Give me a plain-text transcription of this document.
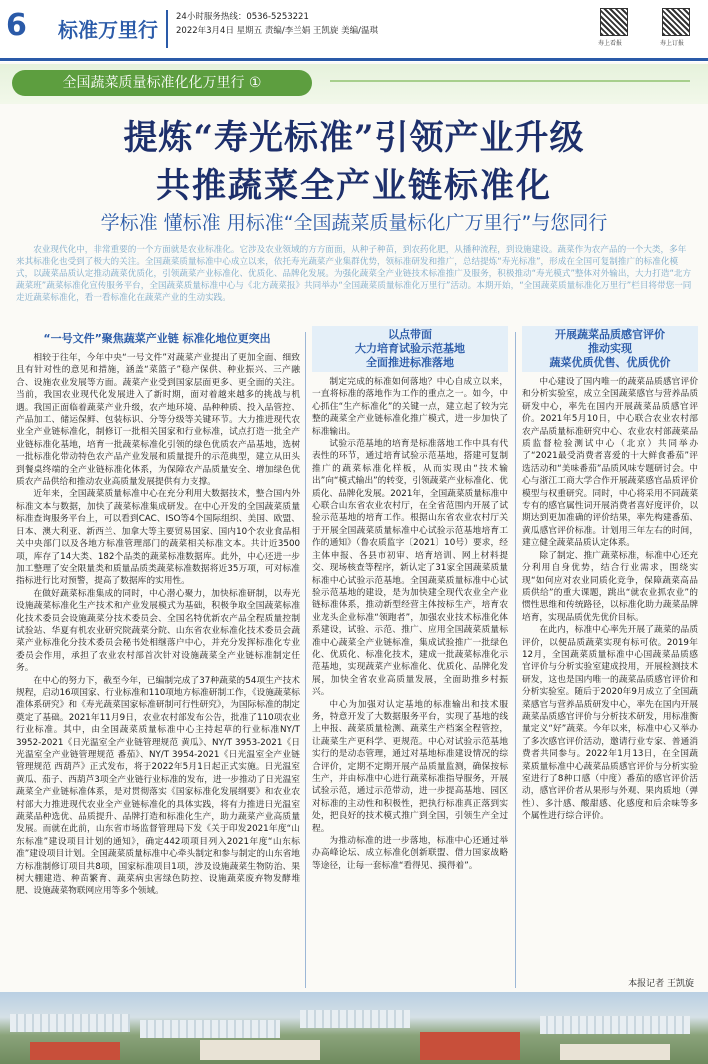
6 标准万里行
24小时服务热线：0536-5253221
2022年3月4日 星期五 责编/李兰娟 王凯旋 美编/温琪
寿上看报	寿上订报
全国蔬菜质量标准化化万里行 ①
提炼“寿光标准”引领产业升级
共推蔬菜全产业链标准化
学标准 懂标准 用标准“全国蔬菜质量标化广万里行”与您同行
农业现代化中，非常重要的一个方面就是农业标准化。它涉及农业领域的方方面面，从种子种苗，到农药化肥，从播种流程，到设施建设。蔬菜作为农产品的一个大类，多年来其标准化也受到了极大的关注。全国蔬菜质量标准中心成立以来，依托寿光蔬菜产业集群优势，领标准研发和推广，总结提炼“寿光标准”，形成在全国可复制推广的标准化模式，以蔬菜品质认定推动蔬菜优质化，引领蔬菜产业标准化、优质化、品牌化发展。为强化蔬菜全产业链技术标准推广及服务，积极推动“寿光模式”整体对外输出，大力打造“北方蔬菜班”蔬菜标准化宣传服务平台，全国蔬菜质量标准中心与《北方蔬菜报》共同举办“全国蔬菜质量标准化万里行”活动。本期开始，“全国蔬菜质量标准化万里行”栏目将带您一同走近蔬菜标准化，看一看标准化在蔬菜产业的生动实践。
“一号文件”聚焦蔬菜产业链 标准化地位更突出

相较于往年，今年中央“一号文件”对蔬菜产业提出了更加全面、细致且有针对性的意见和措施，涵盖“菜篮子”稳产保供、种业振兴、三产融合、设施农业发展等方面。蔬菜产业受到国家层面更多、更全面的关注。当前，我国农业现代化发展进入了新时期，面对着越来越多的挑战与机遇。我国正面临着蔬菜产业升级，农产地环境、品种种质、投入品管控、产品加工、储运保鲜、包装标识、分等分级等关键环节。大力推进现代农业全产业链标准化，制修订一批相关国家和行业标准，试点打造一批全产业链标准化基地，培育一批蔬菜标准化引领的绿色优质农产品基地，选树一批标准化带动特色农产品产业发展和质量提升的示范典型，建立从田头到餐桌终端的全产业链标准化体系，为保障农产品质量安全、增加绿色优质农产品供给和推动农业高质量发展提供有力支撑。

近年来，全国蔬菜质量标准中心在充分利用大数据技术，整合国内外标准文本与数据，加快了蔬菜标准集成研发。在中心开发的全国蔬菜质量标准查询服务平台上，可以看到CAC、ISO等4个国际组织、美国、欧盟、日本、澳大利亚、新西兰、加拿大等主要贸易国家、国内10个农业食品相关中央部门以及各地方标准管理部门的蔬菜相关标准文本。共计近3500项，库存了14大类、182个品类的蔬菜标准数据库。此外，中心还进一步加工整理了安全限量类和质量品质类蔬菜标准数据将近35万项，可对标准指标进行比对预警，提高了数据库的实用性。

在做好蔬菜标准集成的同时，中心潜心聚力，加快标准研制，以寿光设施蔬菜标准化生产技术和产业发展模式为基础，积极争取全国蔬菜标准化技术委员会设施蔬菜分技术委员会、全国名特优新农产品全程质量控制试验站、华夏有机农业研究院蔬菜分院、山东省农业标准化技术委员会蔬菜产业标准化分技术委员会秘书处相继落户中心，并充分发挥标准化专业委员会作用，承担了农业农村部首次针对设施蔬菜全产业链标准制定任务。

在中心的努力下，截至今年，已编制完成了37种蔬菜的54项生产技术规程，启动16项国家、行业标准和110项地方标准研制工作，《设施蔬菜标准体系研究》和《寿光蔬菜国家标准研制可行性研究》，为国际标准的制定奠定了基础。2021年11月9日，农业农村部发布公告，批准了110项农业行业标准。其中，由全国蔬菜质量标准中心主持起草的行业标准NY/T 3952-2021《日光温室全产业链管理规范 黄瓜》、NY/T 3953-2021《日光温室全产业链管理规范 番茄》、NY/T 3954-2021《日光温室全产业链管理规范 西葫芦》正式发布，将于2022年5月1日起正式实施。日光温室黄瓜、茄子、西葫芦3项全产业链行业标准的发布，进一步推动了日光温室蔬菜全产业链标准体系，是对贯彻落实《国家标准化发展纲要》和农业农村部大力推进现代农业全产业链标准化的具体实践，将有力推进日光温室蔬菜品种选优、品质提升、品牌打造和标准化生产，助力蔬菜产业高质量发展。而就在此前，山东省市场监督管理局下发《关于印发2021年度“山东标准”建设项目计划的通知》，确定442项项目列入2021年度“山东标准”建设项目计划。全国蔬菜质量标准中心牵头制定和参与制定的山东省地方标准制修订项目共8项，国家标准项目1项，涉及设施蔬菜生物防治、果树大棚建造、种苗繁育、蔬菜病虫害绿色防控、设施蔬菜废弃物发酵堆肥、设施蔬菜物联网应用等多个领域。

以点带面
大力培育试验示范基地
全面推进标准落地

制定完成的标准如何落地？中心自成立以来，一直将标准的落地作为工作的重点之一。如今，中心抓住“生产标准化”的关键一点，建立起了较为完整的蔬菜全产业链标准化推广模式，进一步加快了标准输出。

试验示范基地的培育是标准落地工作中具有代表性的环节，通过培育试验示范基地，搭建可复制推广的蔬菜标准化样板，从而实现由“技术输出”向“模式输出”的转变，引领蔬菜产业标准化、优质化、品牌化发展。2021年，全国蔬菜质量标准中心联合山东省农业农村厅，在全省范围内开展了试验示范基地的培育工作。根据山东省农业农村厅关于开展全国蔬菜质量标准中心试验示范基地培育工作的通知》（鲁农质监字〔2021〕10号）要求，经主体申报、各县市初审、培育培训、网上材料提交、现场核查等程序，新认定了31家全国蔬菜质量标准中心试验示范基地。全国蔬菜质量标准中心试验示范基地的建设，是为加快建全现代农业全产业链标准体系，推动新型经营主体按标生产，培育农业龙头企业标准“领跑者”，加强农业技术标准化体系建设，试验、示范、推广、应用全国蔬菜质量标准中心蔬菜全产业链标准，集成试验推广一批绿色化、优质化、标准化技术，建成一批蔬菜标准化示范基地，实现蔬菜产业标准化、优质化、品牌化发展，加快全省农业高质量发展，全面助推乡村振兴。

中心为加强对认定基地的标准输出和技术服务，特意开发了大数据服务平台，实现了基地的线上申报、蔬菜质量检测、蔬菜生产档案全程管控，让蔬菜生产更科学、更规范。中心对试验示范基地实行的是动态管理，通过对基地标准建设情况的综合评价，定期不定期开展产品质量监测，确保按标生产，并由标准中心进行蔬菜标准指导服务，开展试验示范，通过示范带动，进一步提高基地、园区对标准的主动性和积极性，把执行标准真正落到实处，把良好的技术模式推广到全国，引领生产全过程。

为推动标准的进一步落地，标准中心还通过举办高峰论坛、成立标准化创新联盟、借力国家战略等途径，让每一套标准“看得见、摸得着”。

开展蔬菜品质感官评价
推动实现
蔬菜优质优售、优质优价

中心建设了国内唯一的蔬菜品质感官评价和分析实验室，成立全国蔬菜感官与营养品质研发中心，率先在国内开展蔬菜品质感官评价。2021年5月10日，中心联合农业农村部农产品质量标准研究中心、农业农村部蔬菜品质监督检验测试中心（北京）共同举办了“2021最受消费者喜爱的十大鲜食番茄”评选活动和“美味番茄”品质风味专题研讨会。中心与浙江工商大学合作开展蔬菜感官品质评价模型与权重研究。同时，中心将采用不同蔬菜专有的感官属性词开展消费者喜好度评价，以期达到更加准确的评价结果，率先构建番茄、黄瓜感官评价标准。计划用三年左右的时间，建立健全蔬菜品质认定体系。

除了制定、推广蔬菜标准，标准中心还充分利用自身优势，结合行业需求，围绕实现“如何应对农业同质化竞争，保障蔬菜高品质供给”的重大课题，跳出“就农业抓农业”的惯性思维和传统路径，以标准化助力蔬菜品牌培育，实现品质优先优价目标。

在此内，标准中心率先开展了蔬菜的品质评价，以便品质蔬菜实现有标可依。2019年12月，全国蔬菜质量标准中心国蔬菜品质感官评价与分析实验室建成投用，开展检测技术研发，这也是国内唯一的蔬菜品质感官评价和分析实验室。随后于2020年9月成立了全国蔬菜感官与营养品质研发中心，率先在国内开展蔬菜品质感官评价与分析技术研发，用标准衡量定义“好”蔬菜。今年以来，标准中心又举办了多次感官评价活动，邀请行业专家、普通消费者共同参与。2022年1月13日，在全国蔬菜质量标准中心蔬菜品质感官评价与分析实验室进行了8种口感（中度）番茄的感官评价活动，感官评价者从果形与外观、果肉质地（弹性）、多汁感、酸甜感、化感度和后余味等多个属性进行综合评价。

本报记者 王凯旋
